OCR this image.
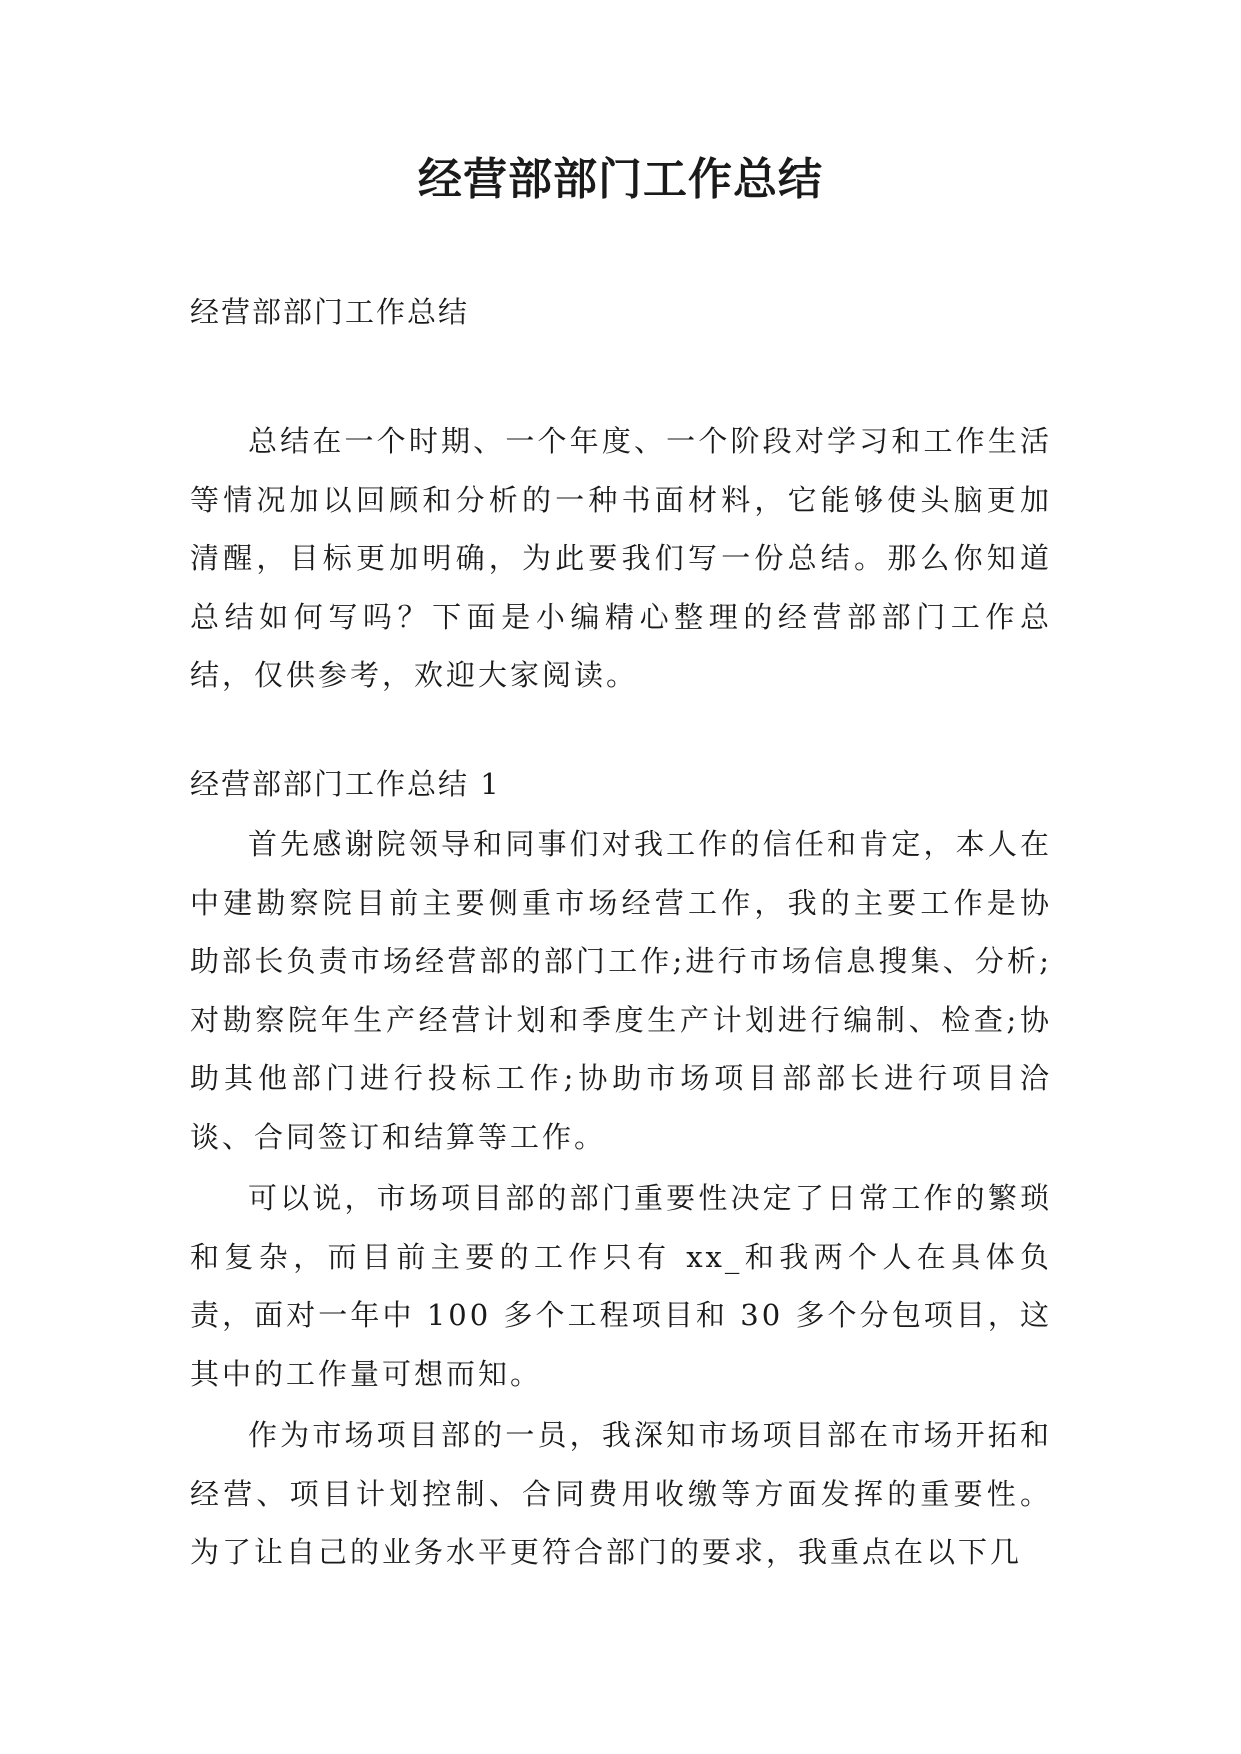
经营部部门工作总结

经营部部门工作总结

总结在一个时期、一个年度、一个阶段对学习和工作生活等情况加以回顾和分析的一种书面材料，它能够使头脑更加清醒，目标更加明确，为此要我们写一份总结。那么你知道总结如何写吗？下面是小编精心整理的经营部部门工作总结，仅供参考，欢迎大家阅读。

经营部部门工作总结 1

首先感谢院领导和同事们对我工作的信任和肯定，本人在中建勘察院目前主要侧重市场经营工作，我的主要工作是协助部长负责市场经营部的部门工作;进行市场信息搜集、分析;对勘察院年生产经营计划和季度生产计划进行编制、检查;协助其他部门进行投标工作;协助市场项目部部长进行项目洽谈、合同签订和结算等工作。

可以说，市场项目部的部门重要性决定了日常工作的繁琐和复杂，而目前主要的工作只有 xx_和我两个人在具体负责，面对一年中 100 多个工程项目和 30 多个分包项目，这其中的工作量可想而知。

作为市场项目部的一员，我深知市场项目部在市场开拓和经营、项目计划控制、合同费用收缴等方面发挥的重要性。为了让自己的业务水平更符合部门的要求，我重点在以下几
